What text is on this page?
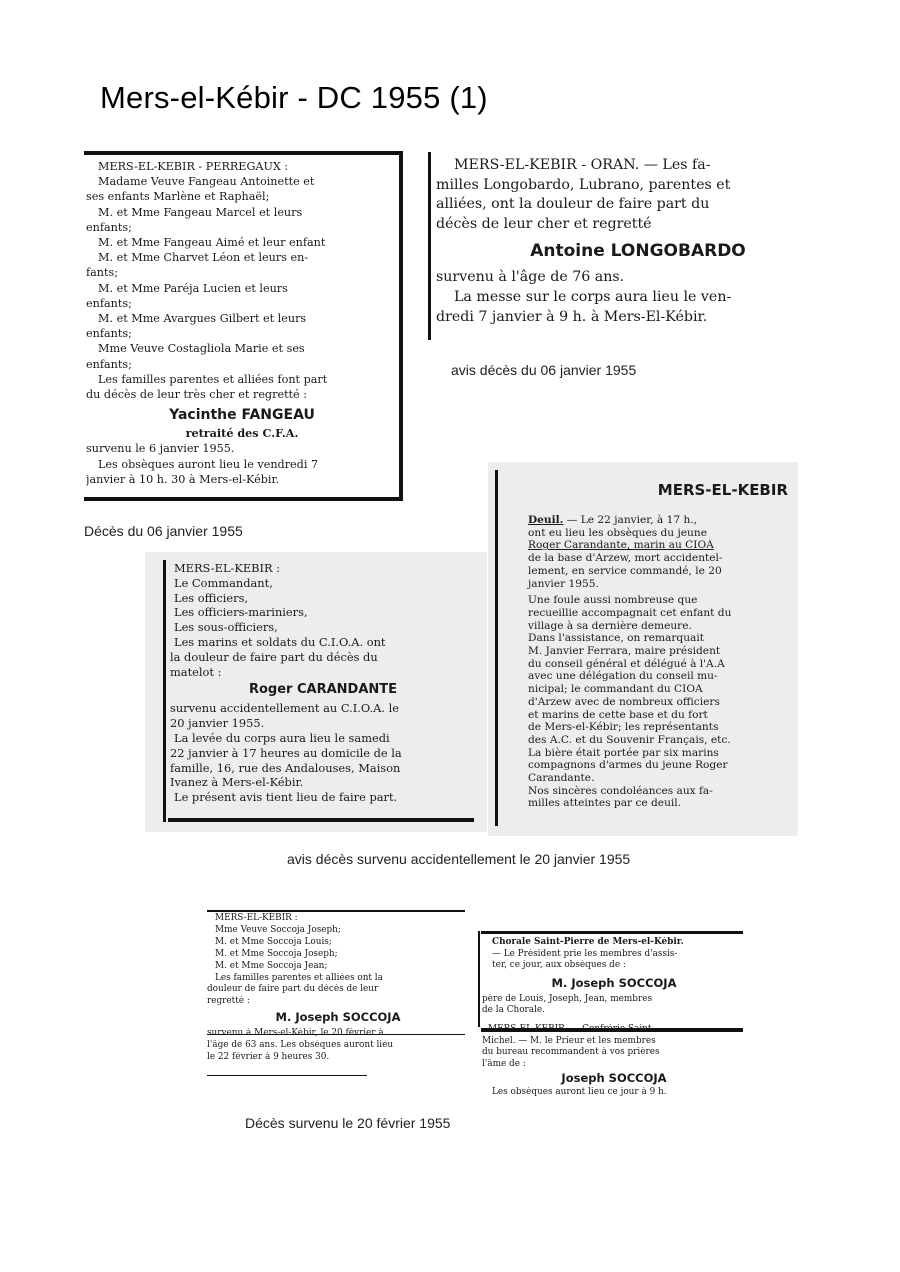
Mers-el-Kébir - DC 1955 (1)
MERS-EL-KEBIR - PERREGAUX :
Madame Veuve Fangeau Antoinette et
ses enfants Marlène et Raphaël;
M. et Mme Fangeau Marcel et leurs
enfants;
M. et Mme Fangeau Aimé et leur enfant
M. et Mme Charvet Léon et leurs en-
fants;
M. et Mme Paréja Lucien et leurs
enfants;
M. et Mme Avargues Gilbert et leurs
enfants;
Mme Veuve Costagliola Marie et ses
enfants;
Les familles parentes et alliées font part
du décès de leur très cher et regretté :
Yacinthe FANGEAU
retraité des C.F.A.
survenu le 6 janvier 1955.
Les obsèques auront lieu le vendredi 7
janvier à 10 h. 30 à Mers-el-Kébir.
Décès du 06 janvier 1955
MERS-EL-KEBIR - ORAN. — Les fa-
milles Longobardo, Lubrano, parentes et
alliées, ont la douleur de faire part du
décès de leur cher et regretté
Antoine LONGOBARDO
survenu à l'âge de 76 ans.
La messe sur le corps aura lieu le ven-
dredi 7 janvier à 9 h. à Mers-El-Kébir.
avis décès du 06 janvier 1955
MERS-EL-KEBIR :
Le Commandant,
Les officiers,
Les officiers-mariniers,
Les sous-officiers,
Les marins et soldats du C.I.O.A. ont
la douleur de faire part du décès du
matelot :
Roger CARANDANTE
survenu accidentellement au C.I.O.A. le
20 janvier 1955.
La levée du corps aura lieu le samedi
22 janvier à 17 heures au domicile de la
famille, 16, rue des Andalouses, Maison
Ivanez à Mers-el-Kébir.
Le présent avis tient lieu de faire part.
MERS-EL-KEBIR
Deuil. — Le 22 janvier, à 17 h.,
ont eu lieu les obsèques du jeune
Roger Carandante, marin au CIOA
de la base d'Arzew, mort accidentel-
lement, en service commandé, le 20
janvier 1955.
Une foule aussi nombreuse que
recueillie accompagnait cet enfant du
village à sa dernière demeure.
Dans l'assistance, on remarquait
M. Janvier Ferrara, maire président
du conseil général et délégué à l'A.A
avec une délégation du conseil mu-
nicipal; le commandant du CIOA
d'Arzew avec de nombreux officiers
et marins de cette base et du fort
de Mers-el-Kébir; les représentants
des A.C. et du Souvenir Français, etc.
La bière était portée par six marins
compagnons d'armes du jeune Roger
Carandante.
Nos sincères condoléances aux fa-
milles atteintes par ce deuil.
avis décès survenu accidentellement le 20 janvier 1955
MERS-EL-KEBIR :
Mme Veuve Soccoja Joseph;
M. et Mme Soccoja Louis;
M. et Mme Soccoja Joseph;
M. et Mme Soccoja Jean;
Les familles parentes et alliées ont la
douleur de faire part du décès de leur
regretté :
M. Joseph SOCCOJA
l'âge de 63 ans. Les obsèques auront lieu
le 22 février à 9 heures 30.
Chorale Saint-Pierre de Mers-el-Kébir.
— Le Président prie les membres d'assis-
ter, ce jour, aux obsèques de :
M. Joseph SOCCOJA
père de Louis, Joseph, Jean, membres
de la Chorale.
Michel. — M. le Prieur et les membres
du bureau recommandent à vos prières
l'âme de :
Joseph SOCCOJA
Les obsèques auront lieu ce jour à 9 h.
Décès survenu le 20 février 1955
